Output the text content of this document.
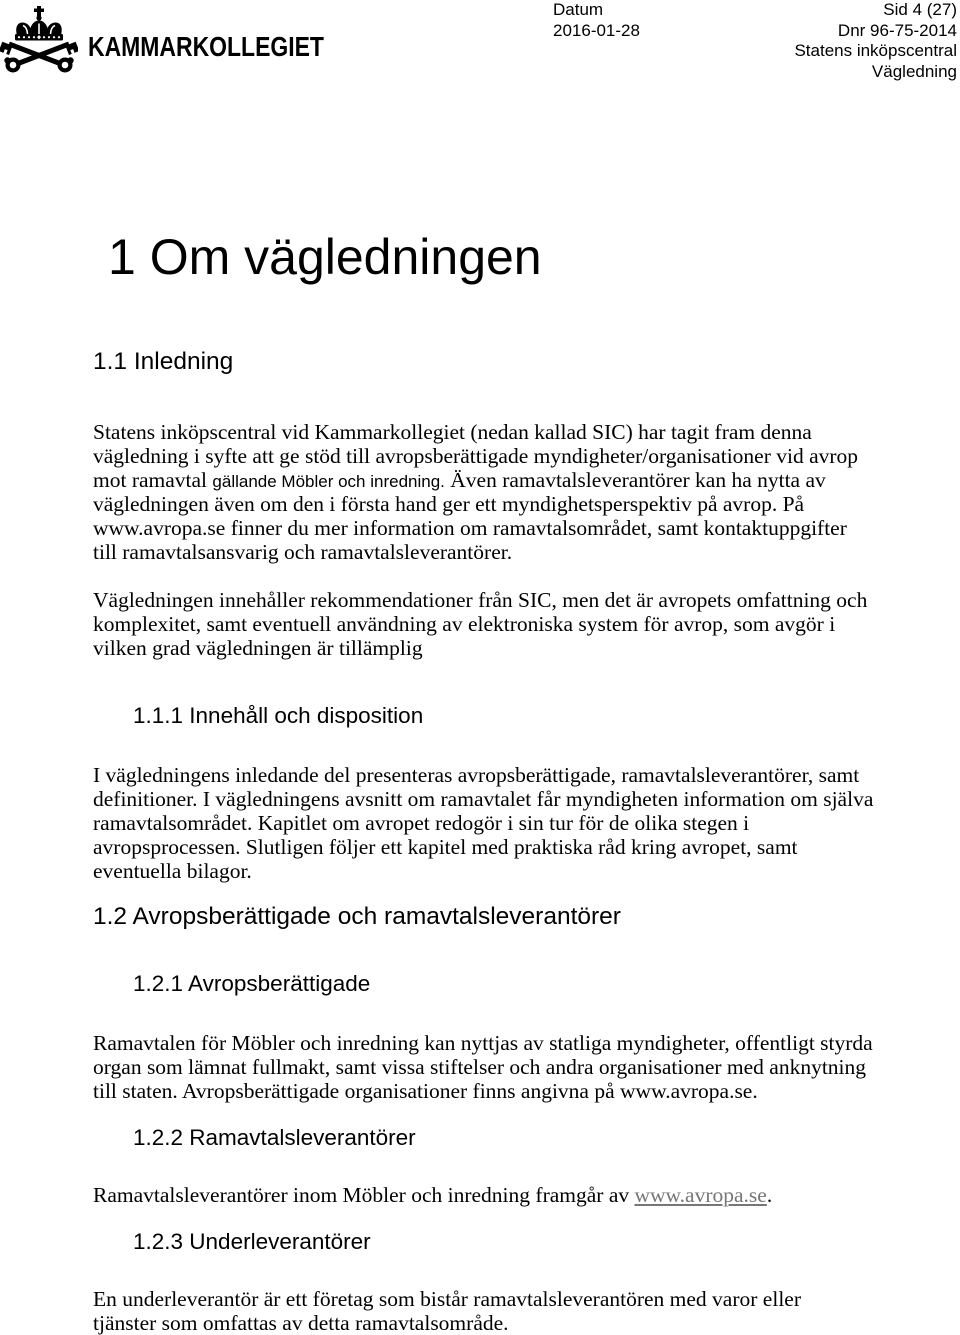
KAMMARKOLLEGIET
Datum
2016-01-28
Sid 4 (27)
Dnr 96-75-2014
Statens inköpscentral
Vägledning
1 Om vägledningen
1.1 Inledning
Statens inköpscentral vid Kammarkollegiet (nedan kallad SIC) har tagit fram denna
vägledning i syfte att ge stöd till avropsberättigade myndigheter/organisationer vid avrop
mot ramavtal gällande Möbler och inredning. Även ramavtalsleverantörer kan ha nytta av
vägledningen även om den i första hand ger ett myndighetsperspektiv på avrop. På
www.avropa.se finner du mer information om ramavtalsområdet, samt kontaktuppgifter
till ramavtalsansvarig och ramavtalsleverantörer.
Vägledningen innehåller rekommendationer från SIC, men det är avropets omfattning och
komplexitet, samt eventuell användning av elektroniska system för avrop, som avgör i
vilken grad vägledningen är tillämplig
1.1.1 Innehåll och disposition
I vägledningens inledande del presenteras avropsberättigade, ramavtalsleverantörer, samt
definitioner. I vägledningens avsnitt om ramavtalet får myndigheten information om själva
ramavtalsområdet. Kapitlet om avropet redogör i sin tur för de olika stegen i
avropsprocessen. Slutligen följer ett kapitel med praktiska råd kring avropet, samt
eventuella bilagor.
1.2 Avropsberättigade och ramavtalsleverantörer
1.2.1 Avropsberättigade
Ramavtalen för Möbler och inredning kan nyttjas av statliga myndigheter, offentligt styrda
organ som lämnat fullmakt, samt vissa stiftelser och andra organisationer med anknytning
till staten. Avropsberättigade organisationer finns angivna på www.avropa.se.
1.2.2 Ramavtalsleverantörer
Ramavtalsleverantörer inom Möbler och inredning framgår av www.avropa.se.
1.2.3 Underleverantörer
En underleverantör är ett företag som bistår ramavtalsleverantören med varor eller
tjänster som omfattas av detta ramavtalsområde.
